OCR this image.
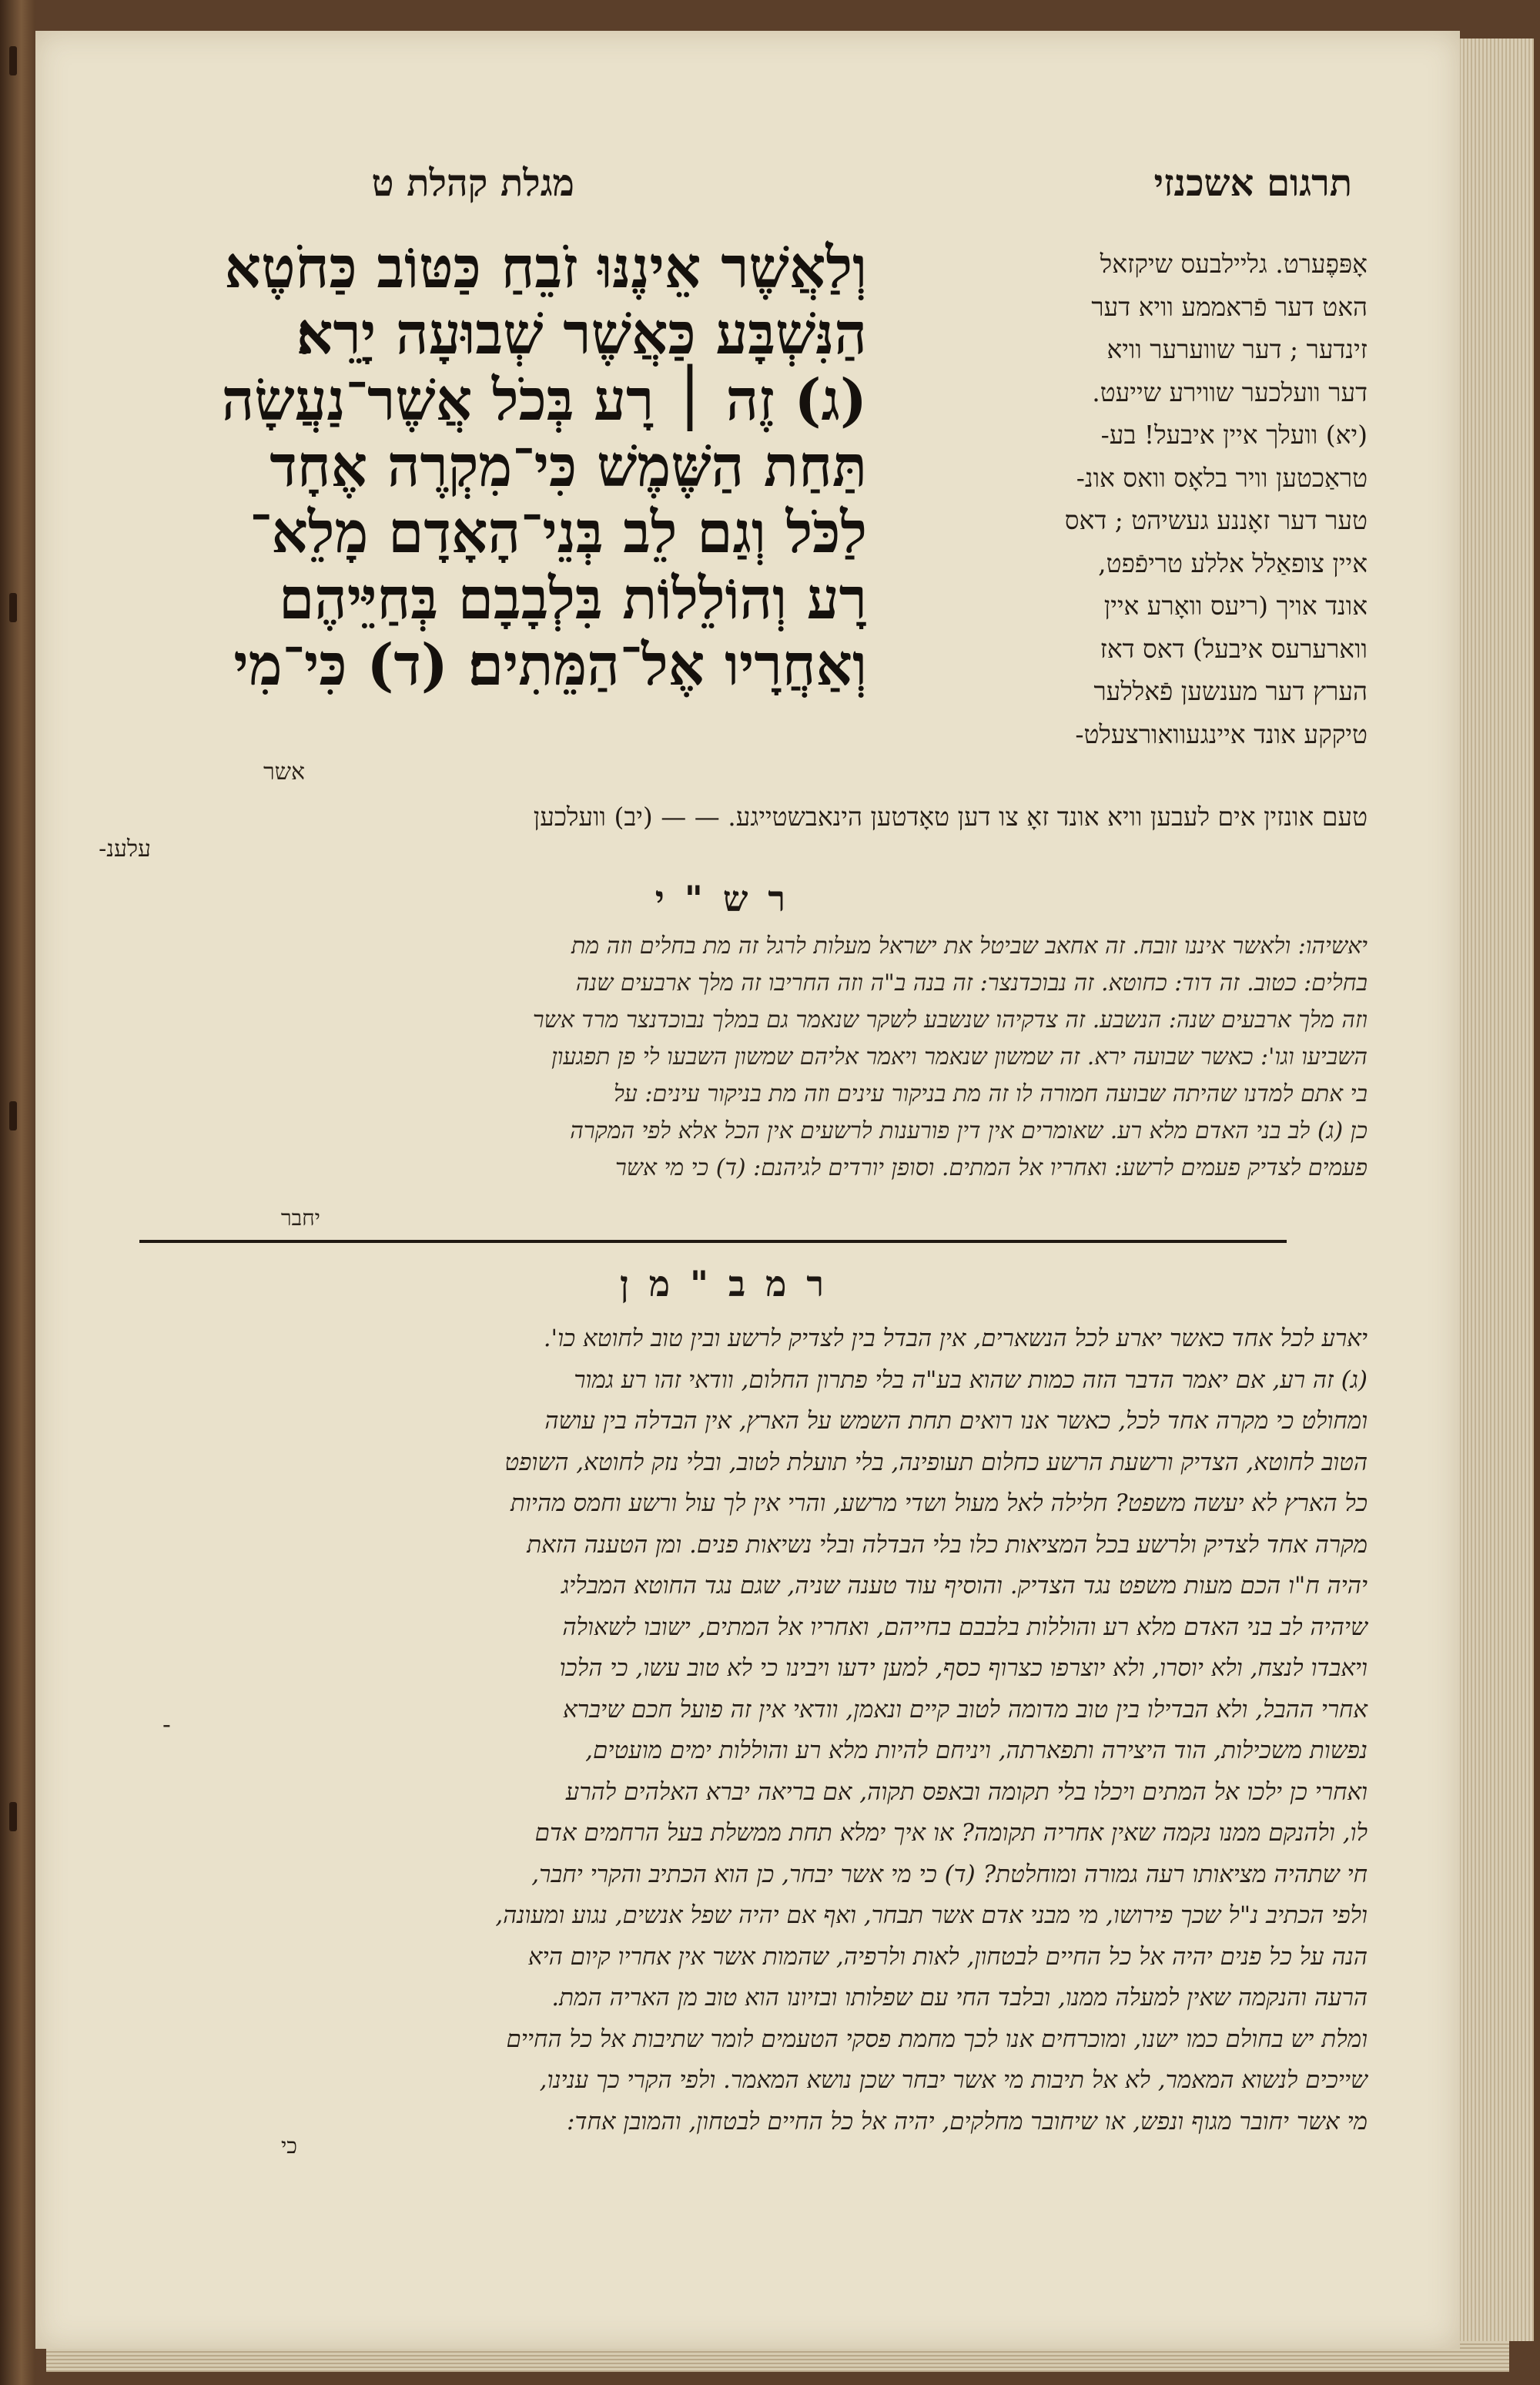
תרגום אשכנזי
מגלת קהלת ט
וְלַאֲשֶׁר אֵינֶנּוּ זֹבֵחַ כַּטּוֹב כַּחֹטֶא
הַנִּשְׁבָּע כַּאֲשֶׁר שְׁבוּעָה יָרֵא׃
(ג) זֶה ׀ רָע בְּכֹל אֲשֶׁר־נַעֲשָׂה
תַּחַת הַשֶּׁמֶשׁ כִּי־מִקְרֶה אֶחָד
לַכֹּל וְגַם לֵב בְּנֵי־הָאָדָם מָלֵא־
רָע וְהוֹלֵלוֹת בִּלְבָבָם בְּחַיֵּיהֶם
וְאַחֲרָיו אֶל־הַמֵּתִים׃ (ד) כִּי־מִי
אשר
אָפּפֶערט. גליילבעס שיקזאל
האט דער פֿראממע וויא דער
זינדער ; דער שווערער וויא
דער וועלכער שווירע שייעט.
(יא) וועלך איין איבעל! בע-
טראַכטען וויר בלאָס וואס אונ-
טער דער זאָננע געשיהט ; דאס
איין צופאַלל אללע טריפֿפט,
אונד אויך (ריעס וואָרע איין
ווארערעס איבעל) דאס דאז
הערץ דער מענשען פֿאללער
טיקקע אונד איינגעוואורצעלט-
טעם אונזין אים לעבען וויא אונד זאָ צו דען טאָדטען הינאבשטייגע. — — (יב) וועלכען
עלענ-
רש"י
יאשיהו: ולאשר איננו זובח. זה אחאב שביטל את ישראל מעלות לרגל זה מת בחלים וזה מת
בחלים: כטוב. זה דוד: כחוטא. זה נבוכדנצר: זה בנה ב"ה וזה החריבו זה מלך ארבעים שנה
וזה מלך ארבעים שנה: הנשבע. זה צדקיהו שנשבע לשקר שנאמר גם במלך נבוכדנצר מרד אשר
השביעו וגו': כאשר שבועה ירא. זה שמשון שנאמר ויאמר אליהם שמשון השבעו לי פן תפגעון
בי אתם למדנו שהיתה שבועה חמורה לו זה מת בניקור עינים וזה מת בניקור עינים: על
כן (ג) לב בני האדם מלא רע. שאומרים אין דין פורענות לרשעים אין הכל אלא לפי המקרה
פעמים לצדיק פעמים לרשע: ואחריו אל המתים. וסופן יורדים לגיהנם: (ד) כי מי אשר
יחבר
רמב"מן
יארע לכל אחד כאשר יארע לכל הנשארים, אין הבדל בין לצדיק לרשע ובין טוב לחוטא כו'.
(ג) זה רע, אם יאמר הדבר הזה כמות שהוא בע"ה בלי פתרון החלום, וודאי זהו רע גמור
ומחולט כי מקרה אחד לכל, כאשר אנו רואים תחת השמש על הארץ, אין הבדלה בין עושה
הטוב לחוטא, הצדיק ורשעת הרשע כחלום תעופינה, בלי תועלת לטוב, ובלי נזק לחוטא, השופט
כל הארץ לא יעשה משפט? חלילה לאל מעול ושדי מרשע, והרי אין לך עול ורשע וחמס מהיות
מקרה אחד לצדיק ולרשע בכל המציאות כלו בלי הבדלה ובלי נשיאות פנים. ומן הטענה הזאת
יהיה ח"ו הכם מעות משפט נגד הצדיק. והוסיף עוד טענה שניה, שגם נגד החוטא המבליג
שיהיה לב בני האדם מלא רע והוללות בלבבם בחייהם, ואחריו אל המתים, ישובו לשאולה
ויאבדו לנצח, ולא יוסרו, ולא יוצרפו כצרוף כסף, למען ידעו ויבינו כי לא טוב עשו, כי הלכו
אחרי ההבל, ולא הבדילו בין טוב מדומה לטוב קיים ונאמן, וודאי אין זה פועל חכם שיברא
נפשות משכילות, הוד היצירה ותפארתה, ויניחם להיות מלא רע והוללות ימים מועטים,
ואחרי כן ילכו אל המתים ויכלו בלי תקומה ובאפס תקוה, אם בריאה יברא האלהים להרע
לו, ולהנקם ממנו נקמה שאין אחריה תקומה? או איך ימלא תחת ממשלת בעל הרחמים אדם
חי שתהיה מציאותו רעה גמורה ומוחלטת? (ד) כי מי אשר יבחר, כן הוא הכתיב והקרי יחבר,
ולפי הכתיב נ"ל שכך פירושו, מי מבני אדם אשר תבחר, ואף אם יהיה שפל אנשים, נגוע ומעונה,
הנה על כל פנים יהיה אל כל החיים לבטחון, לאות ולרפיה, שהמות אשר אין אחריו קיום היא
הרעה והנקמה שאין למעלה ממנו, ובלבד החי עם שפלותו ובזיונו הוא טוב מן האריה המת.
ומלת יש בחולם כמו ישנו, ומוכרחים אנו לכך מחמת פסקי הטעמים לומר שתיבות אל כל החיים
שייכים לנשוא המאמר, לא אל תיבות מי אשר יבחר שכן נושא המאמר. ולפי הקרי כך ענינו,
מי אשר יחובר מגוף ונפש, או שיחובר מחלקים, יהיה אל כל החיים לבטחון, והמובן אחד:
כי
-
